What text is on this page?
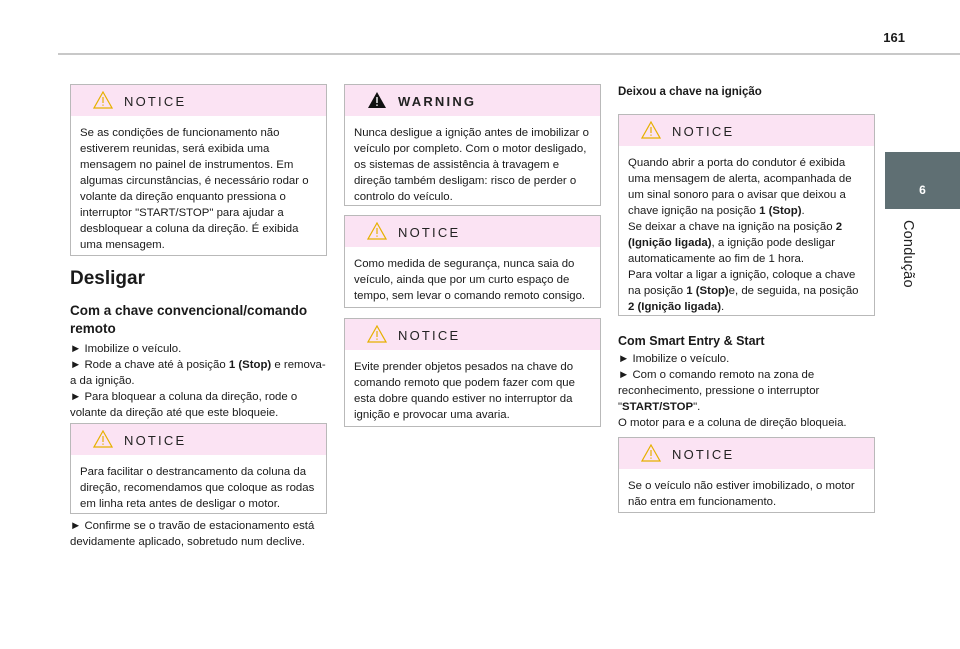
161
6
Condução
NOTICE
Se as condições de funcionamento não estiverem reunidas, será exibida uma mensagem no painel de instrumentos. Em algumas circunstâncias, é necessário rodar o volante da direção enquanto pressiona o interruptor "START/STOP" para ajudar a desbloquear a coluna da direção. É exibida uma mensagem.
Desligar
Com a chave convencional/comando remoto
► Imobilize o veículo.
► Rode a chave até à posição 1 (Stop) e remova-a da ignição.
► Para bloquear a coluna da direção, rode o volante da direção até que este bloqueie.
NOTICE
Para facilitar o destrancamento da coluna da direção, recomendamos que coloque as rodas em linha reta antes de desligar o motor.
► Confirme se o travão de estacionamento está devidamente aplicado, sobretudo num declive.
WARNING
Nunca desligue a ignição antes de imobilizar o veículo por completo. Com o motor desligado, os sistemas de assistência à travagem e direção também desligam: risco de perder o controlo do veículo.
NOTICE
Como medida de segurança, nunca saia do veículo, ainda que por um curto espaço de tempo, sem levar o comando remoto consigo.
NOTICE
Evite prender objetos pesados na chave do comando remoto que podem fazer com que esta dobre quando estiver no interruptor da ignição e provocar uma avaria.
Deixou a chave na ignição
NOTICE
Quando abrir a porta do condutor é exibida uma mensagem de alerta, acompanhada de um sinal sonoro para o avisar que deixou a chave ignição na posição 1 (Stop).
Se deixar a chave na ignição na posição 2 (Ignição ligada), a ignição pode desligar automaticamente ao fim de 1 hora.
Para voltar a ligar a ignição, coloque a chave na posição 1 (Stop)e, de seguida, na posição 2 (Ignição ligada).
Com Smart Entry & Start
► Imobilize o veículo.
► Com o comando remoto na zona de reconhecimento, pressione o interruptor "START/STOP".
O motor para e a coluna de direção bloqueia.
NOTICE
Se o veículo não estiver imobilizado, o motor não entra em funcionamento.
